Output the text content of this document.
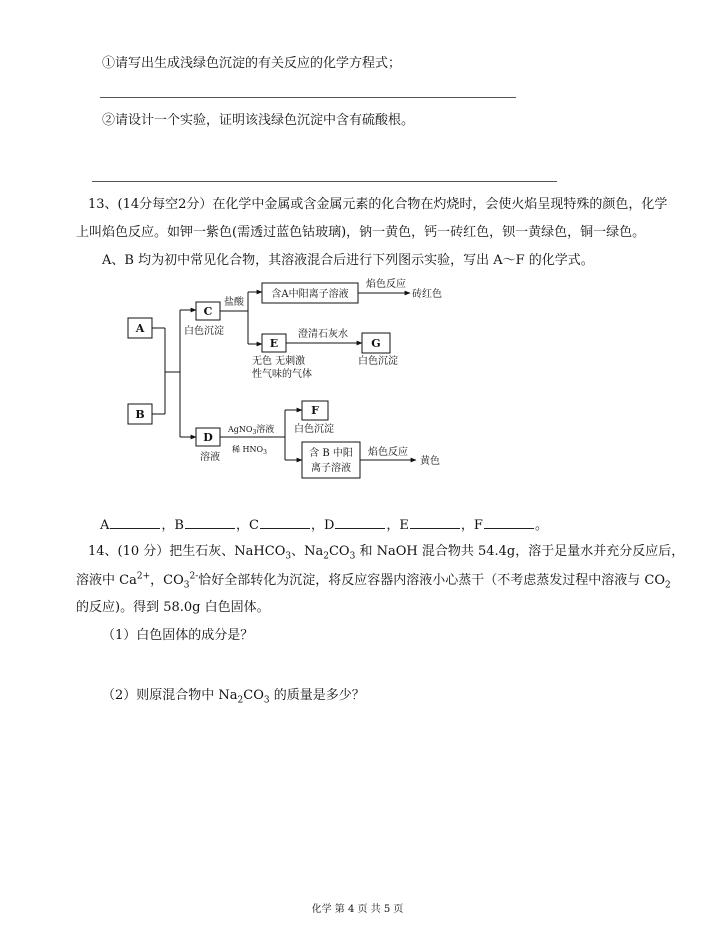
①请写出生成浅绿色沉淀的有关反应的化学方程式；
②请设计一个实验，证明该浅绿色沉淀中含有硫酸根。
13、(14分每空2分）在化学中金属或含金属元素的化合物在灼烧时，会使火焰呈现特殊的颜色，化学
上叫焰色反应。如钾一紫色(需透过蓝色钴玻璃)，钠一黄色，钙一砖红色，钡一黄绿色，铜一绿色。
A、B 均为初中常见化合物，其溶液混合后进行下列图示实验，写出 A～F 的化学式。
A
B
C
D
E
F
G
盐酸
白色沉淀
含A中阳离子溶液
焰色反应
砖红色
澄清石灰水
无色 无刺激
性气味的气体
白色沉淀
AgNO$_3$溶液
稀 $HNO_3$
白色沉淀
溶液	含 B 中阳
离子溶液
焰色反应
黄色
A	，B	，C	，D	，E	，F	。
14、(10 分）把生石灰、NaHCO$_3$、$Na_2CO_3$ 和 NaOH 混合物共 54.4g，溶于足量水并充分反应后，
溶液中 $Ca^{2+}$，$CO_3^{2-}$恰好全部转化为沉淀，将反应容器内溶液小心蒸干（不考虑蒸发过程中溶液与 $CO_2$
的反应)。得到 58.0g 白色固体。
（1）白色固体的成分是？
（2）则原混合物中 $Na_2CO_3$ 的质量是多少？
化学 第 4 页 共 5 页
